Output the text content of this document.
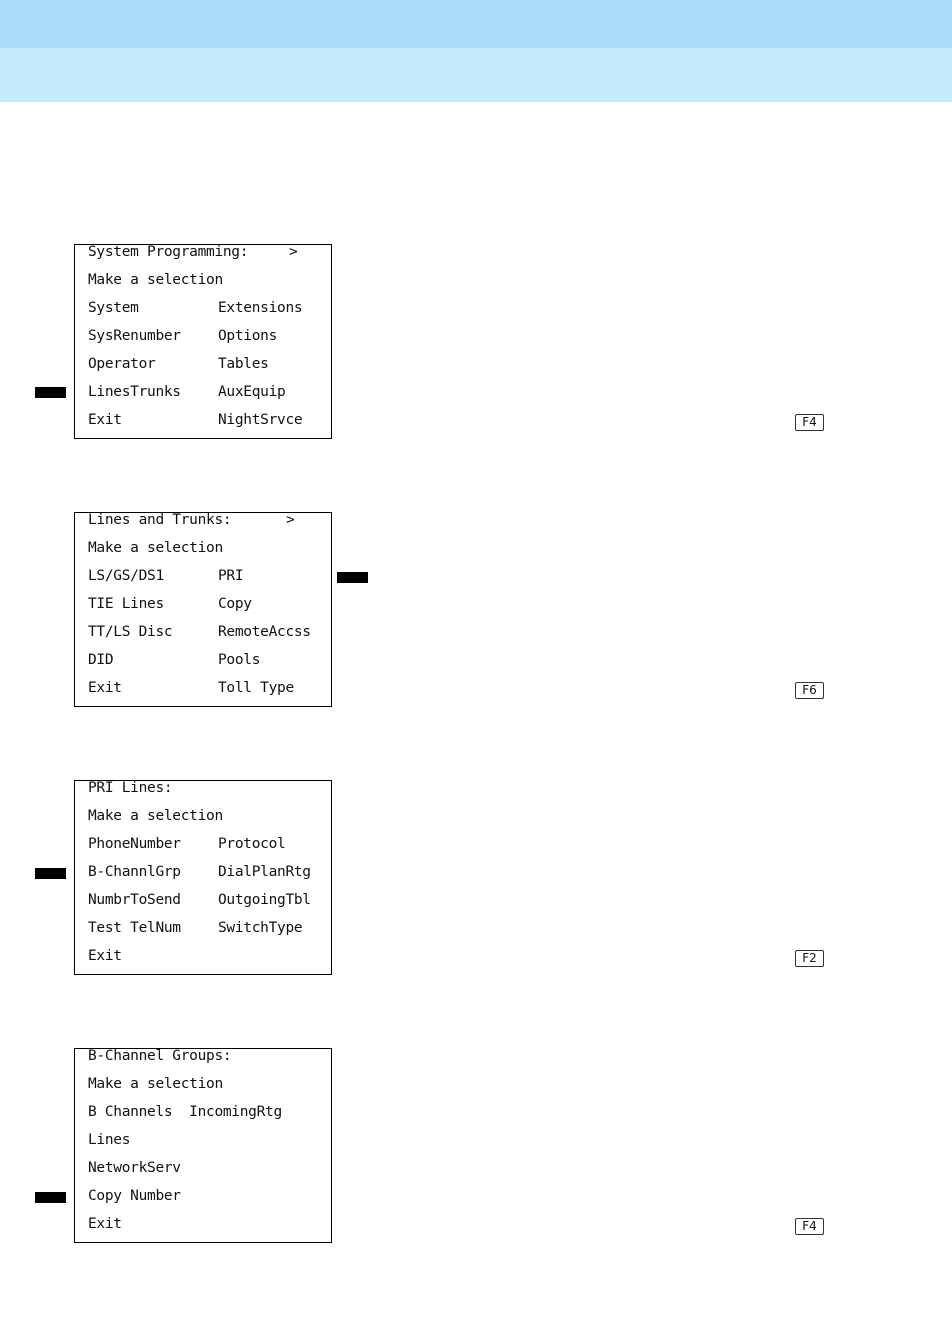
System Programming:	>
Make a selection
System	Extensions
SysRenumber	Options
Operator	Tables
LinesTrunks	AuxEquip
Exit	NightSrvce	F4
Lines and Trunks:	>
Make a selection
LS/GS/DS1	PRI
TIE Lines	Copy
TT/LS Disc	RemoteAccss
DID	Pools
Exit	Toll Type	F6
PRI Lines:
Make a selection
PhoneNumber	Protocol
B-ChannlGrp	DialPlanRtg
NumbrToSend	OutgoingTbl
Test TelNum	SwitchType
Exit	F2
B-Channel Groups:
Make a selection
B Channels  IncomingRtg
Lines
NetworkServ
Copy Number
Exit	F4
